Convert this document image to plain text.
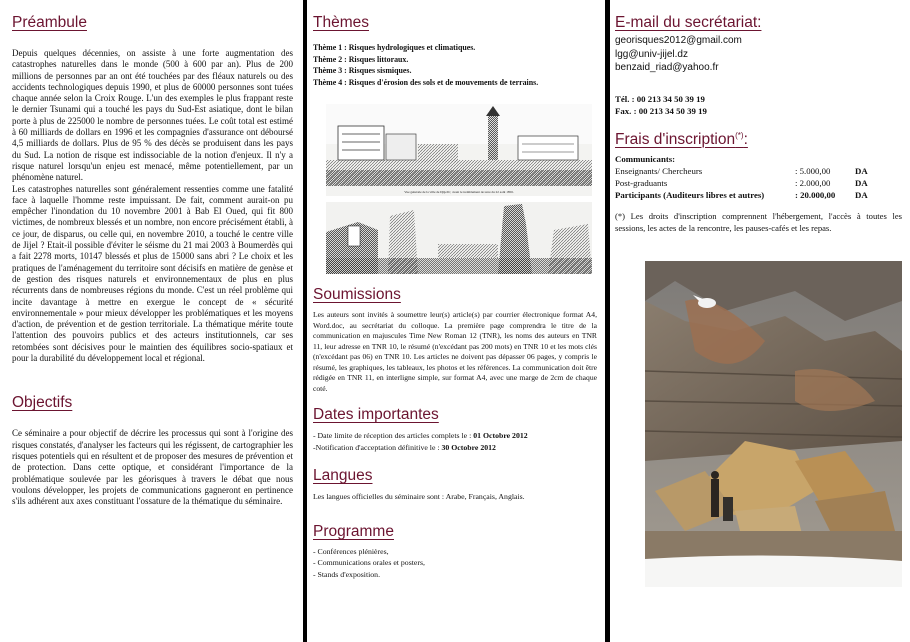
Préambule

Depuis quelques décennies, on assiste à une forte augmentation des catastrophes naturelles dans le monde (500 à 600 par an). Plus de 200 millions de personnes par an ont été touchées par des fléaux naturels ou des accidents technologiques depuis 1990, et plus de 60000 personnes sont tuées chaque année selon la Croix Rouge. L'un des exemples le plus frappant reste le dernier Tsunami qui a touché les pays du Sud-Est asiatique, dont le bilan porte à plus de 225000 le nombre de personnes tuées. Le coût total est estimé à 60 milliards de dollars en 1996 et les compagnies d'assurance ont déboursé 4,5 milliards de dollars. Plus de 95 % des décès se produisent dans les pays du Sud. La notion de risque est indissociable de la notion d'enjeux. Il n'y a risque naturel lorsqu'un enjeu est menacé, même potentiellement, par un phénomène naturel.

Les catastrophes naturelles sont généralement ressenties comme une fatalité face à laquelle l'homme reste impuissant. De fait, comment aurait-on pu empêcher l'inondation du 10 novembre 2001 à Bab El Oued, qui fit 800 victimes, de nombreux blessés et un nombre, non encore précisément établi, à ce jour, de disparus, ou celle qui, en novembre 2010, a touché le centre ville de Jijel ? Etait-il possible d'éviter le séisme du 21 mai 2003 à Boumerdès qui a fait 2278 morts, 10147 blessés et plus de 15000 sans abri ? Le choix et les pratiques de l'aménagement du territoire sont décisifs en matière de genèse et de gestion des risques naturels et environnementaux de plus en plus récurrents dans de nombreuses régions du monde. C'est un réel problème qui incite davantage à mettre en exergue le concept de « sécurité environnementale » pour mieux développer les problématiques et les moyens d'action, de prévention et de gestion territoriale. La thématique mérite toute l'attention des pouvoirs publics et des acteurs institutionnels, car ses retombées sont décisives pour le maintien des équilibres socio-spatiaux et pour la durabilité du développement local et régional.

Objectifs

Ce séminaire a pour objectif de décrire les processus qui sont à l'origine des risques constatés, d'analyser les facteurs qui les régissent, de cartographier les risques potentiels qui en résultent et de proposer des mesures de prévention et de protection. Dans cette optique, et considérant l'importance de la problématique soulevée par les géorisques à travers le débat que nous voulons développer, les projets de communications gagneront en pertinence s'ils adhérent aux axes constituant l'ossature de la thématique du séminaire.

Thèmes
Thème 1 : Risques hydrologiques et climatiques.
Thème 2 : Risques littoraux.
Thème 3 : Risques sismiques.
Thème 4 : Risques d'érosion des sols et de mouvements de terrains.
Vue générale de la ville de Djijelli ; avant le tremblement de terre du 22 août 1856.
Soumissions

Les auteurs sont invités à soumettre leur(s) article(s) par courrier électronique format A4, Word.doc, au secrétariat du colloque. La première page comprendra le titre de la communication en majuscules Time New Roman 12 (TNR), les noms des auteurs en TNR 11, leur adresse en TNR 10, le résumé (n'excédant pas 200 mots) en TNR 10 et les mots clés (n'excédant pas 06) en TNR 10. Les articles ne doivent pas dépasser 06 pages, y compris le résumé, les graphiques, les tableaux, les photos et les références. La communication doit être rédigée en TNR 11, en interligne simple, sur format A4, avec une marge de 2cm de chaque coté.

Dates importantes
- Date limite de réception des articles complets le : 01 Octobre 2012
-Notification d'acceptation définitive le : 30 Octobre 2012
Langues

Les langues officielles du séminaire sont : Arabe, Français, Anglais.

Programme
- Conférences plénières,
- Communications orales et posters,
- Stands d'exposition.
E-mail du secrétariat:
georisques2012@gmail.com
lgg@univ-jijel.dz
benzaid_riad@yahoo.fr
Tél. : 00 213 34 50 39 19
Fax. : 00 213 34 50 39 19
Frais d'inscription(*):
Communicants:
Enseignants/ Chercheurs	: 5.000,00	DA
Post-graduants	: 2.000,00	DA
Participants (Auditeurs libres et autres)	: 20.000,00	DA

(*) Les droits d'inscription comprennent l'hébergement, l'accès à toutes les sessions, les actes de la rencontre, les pauses-cafés et les repas.
